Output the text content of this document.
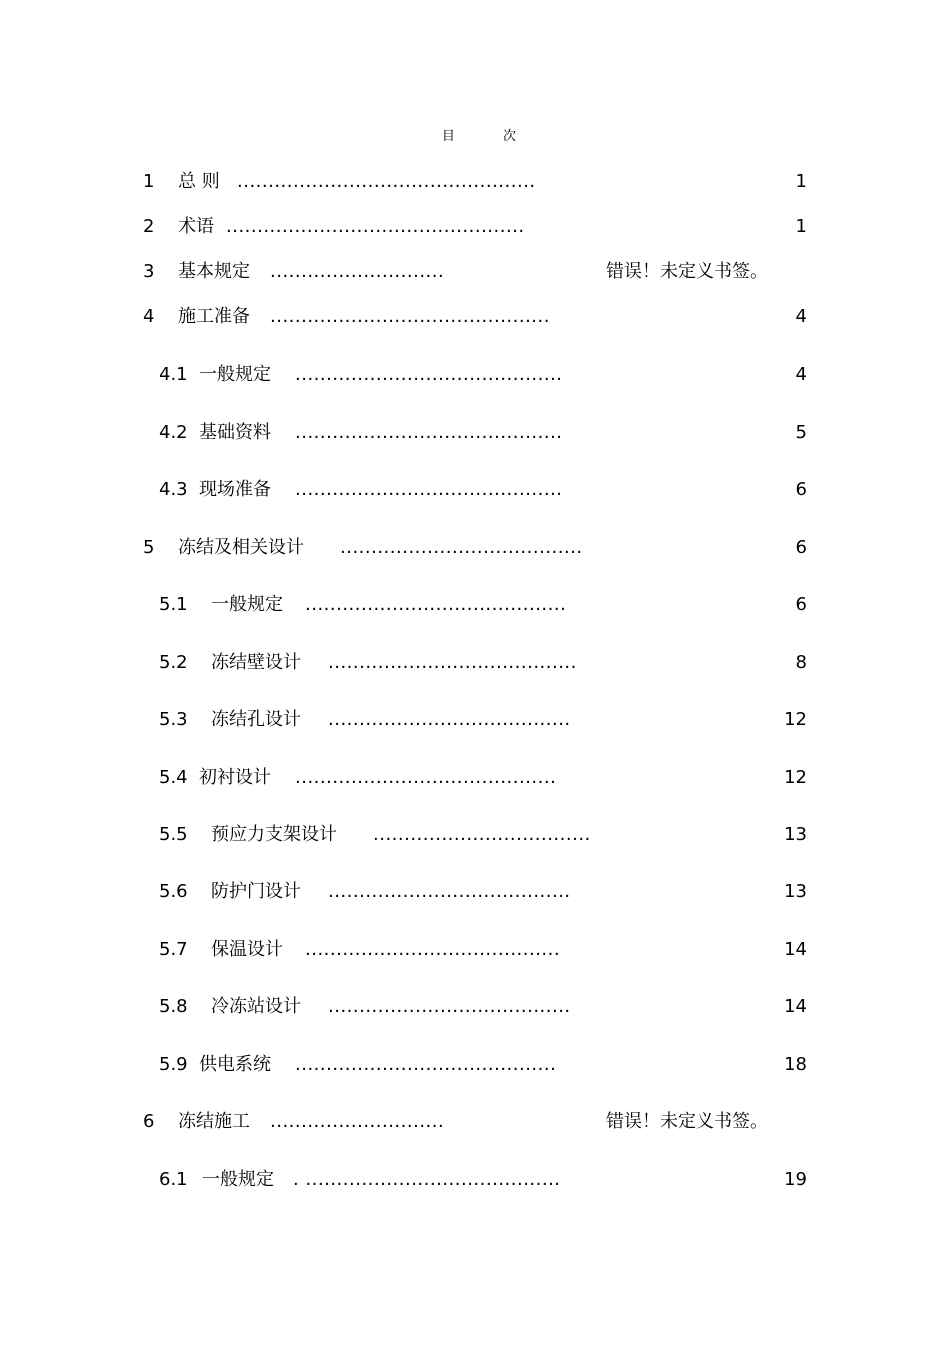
目 次
1 总 则 ................................................	1
2 术语 ................................................	1
3 基本规定 ............................	错误！未定义书签。
4 施工准备 .............................................	4
4.1 一般规定 ...........................................	4
4.2 基础资料 ...........................................	5
4.3 现场准备 ...........................................	6
5 冻结及相关设计 .......................................	6
5.1 一般规定 ..........................................	6
5.2 冻结壁设计 ........................................	8
5.3 冻结孔设计 .......................................	12
5.4 初衬设计 ..........................................	12
5.5 预应力支架设计 ...................................	13
5.6 防护门设计 .......................................	13
5.7 保温设计 .........................................	14
5.8 冷冻站设计 .......................................	14
5.9 供电系统 ..........................................	18
6 冻结施工 ............................	错误！未定义书签。
6.1 一般规定 . .........................................	19
